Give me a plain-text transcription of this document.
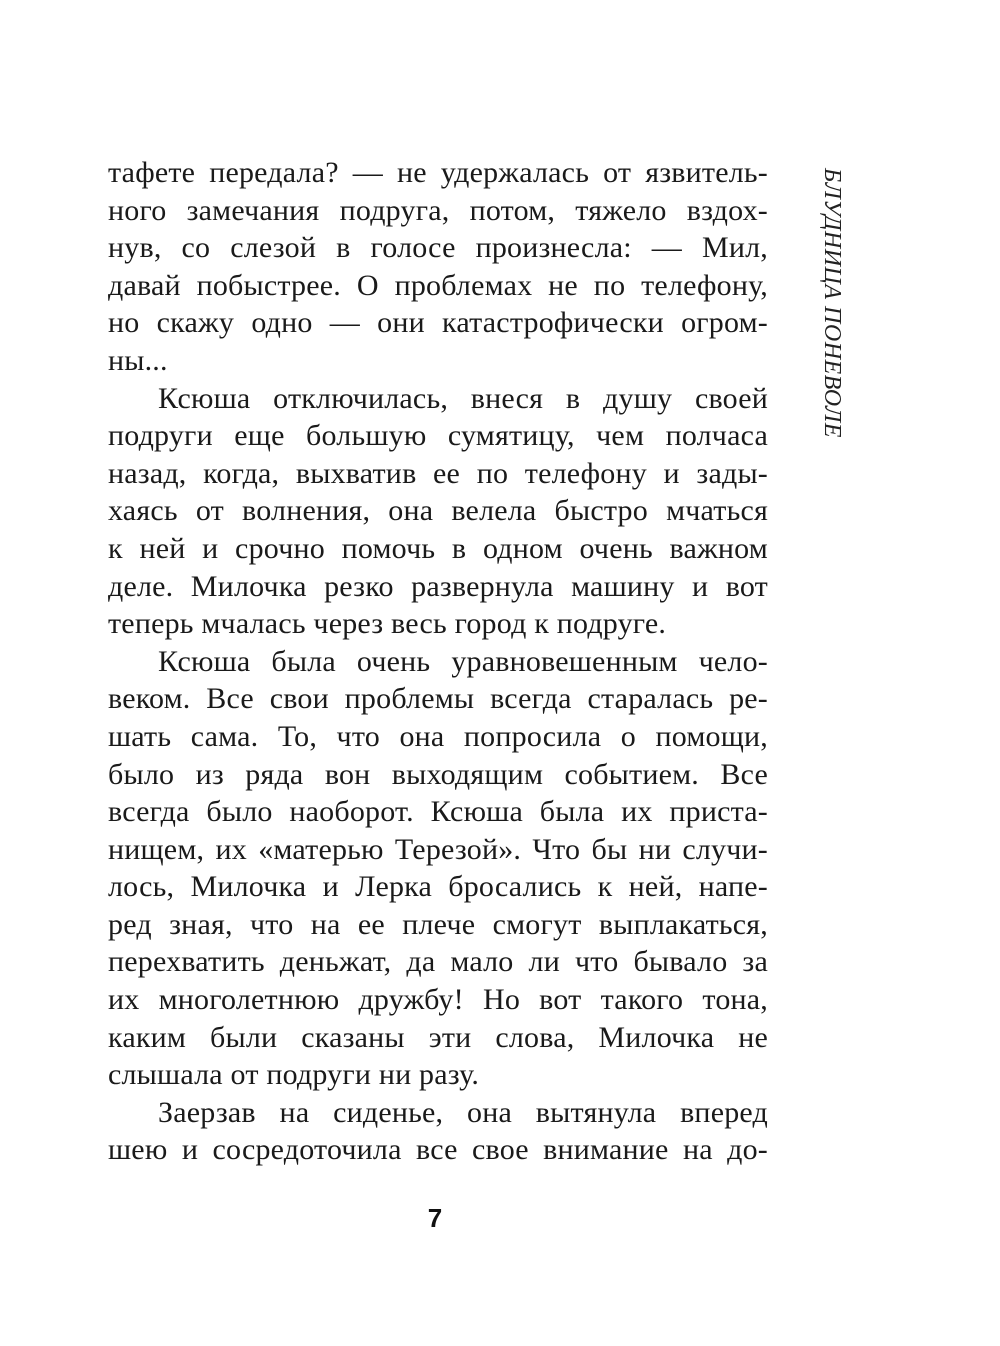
тафете передала? — не удержалась от язвитель-
ного замечания подруга, потом, тяжело вздох-
нув, со слезой в голосе произнесла: — Мил,
давай побыстрее. О проблемах не по телефону,
но скажу одно — они катастрофически огром-
ны...
Ксюша отключилась, внеся в душу своей
подруги еще большую сумятицу, чем полчаса
назад, когда, выхватив ее по телефону и зады-
хаясь от волнения, она велела быстро мчаться
к ней и срочно помочь в одном очень важном
деле. Милочка резко развернула машину и вот
теперь мчалась через весь город к подруге.
Ксюша была очень уравновешенным чело-
веком. Все свои проблемы всегда старалась ре-
шать сама. То, что она попросила о помощи,
было из ряда вон выходящим событием. Все
всегда было наоборот. Ксюша была их приста-
нищем, их «матерью Терезой». Что бы ни случи-
лось, Милочка и Лерка бросались к ней, напе-
ред зная, что на ее плече смогут выплакаться,
перехватить деньжат, да мало ли что бывало за
их многолетнюю дружбу! Но вот такого тона,
каким были сказаны эти слова, Милочка не
слышала от подруги ни разу.
Заерзав на сиденье, она вытянула вперед
шею и сосредоточила все свое внимание на до-
БЛУДНИЦА ПОНЕВОЛЕ
7
